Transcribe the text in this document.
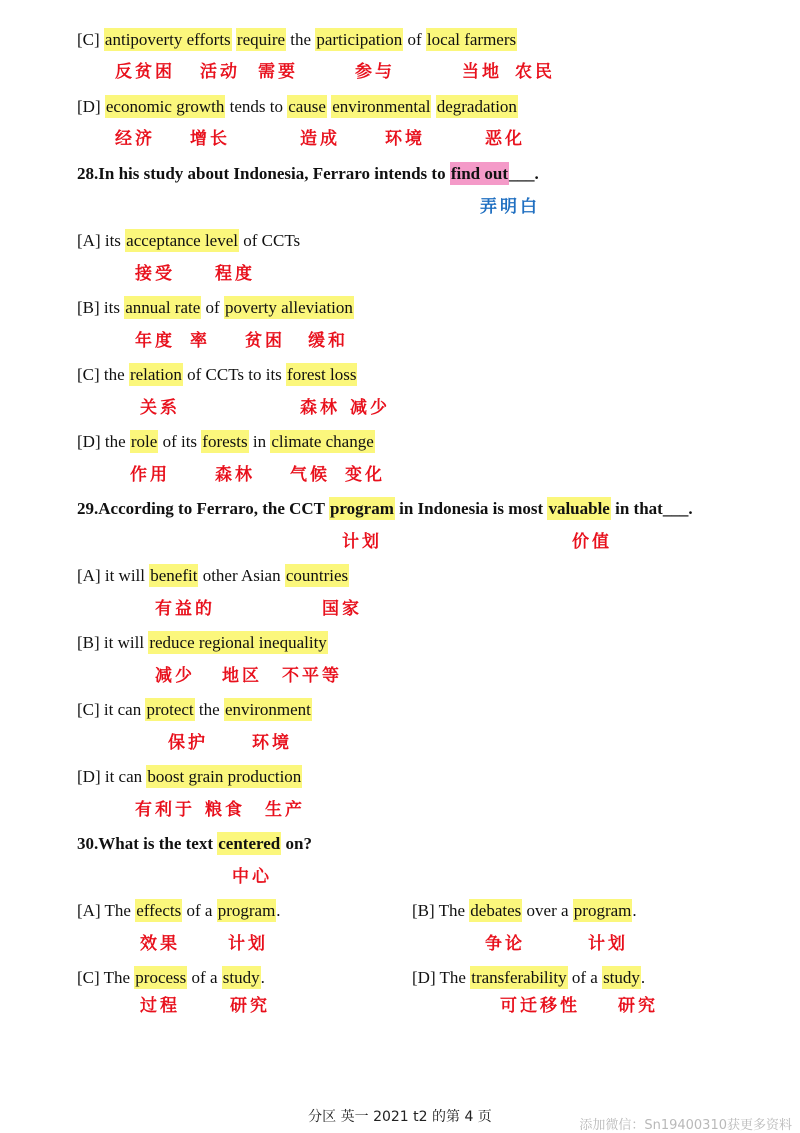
[C] antipoverty efforts require the participation of local farmers
反贫困 活动 需要	参与	当地 农民
[D] economic growth tends to cause environmental degradation
经济 增长	造成	环境	恶化
28.In his study about Indonesia, Ferraro intends to find out___.
弄明白
[A] its acceptance level of CCTs
接受 程度
[B] its annual rate of poverty alleviation
年度 率 贫困 缓和
[C] the relation of CCTs to its forest loss
关系	森林 减少
[D] the role of its forests in climate change
作用	森林 气候 变化
29.According to Ferraro, the CCT program in Indonesia is most valuable in that___.
计划	价值
[A] it will benefit other Asian countries
有益的	国家
[B] it will reduce regional inequality
减少 地区 不平等
[C] it can protect the environment
保护	环境
[D] it can boost grain production
有利于 粮食 生产
30.What is the text centered on?
中心
[A] The effects of a program.	[B] The debates over a program.
效果	计划	争论	计划
[C] The process of a study.	[D] The transferability of a study.
过程	研究	可迁移性 研究
分区 英一 2021 t2 的第 4 页
添加微信：Sn19400310获更多资料
